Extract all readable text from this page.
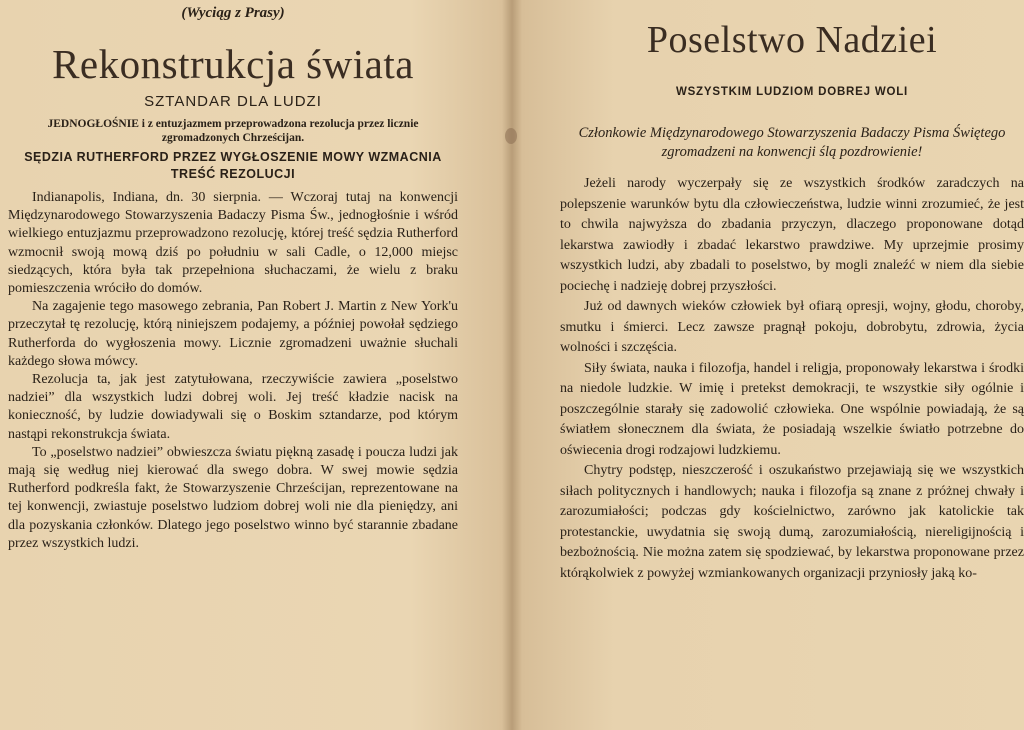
(Wyciąg z Prasy)
Rekonstrukcja świata
SZTANDAR DLA LUDZI
JEDNOGŁOŚNIE i z entuzjazmem przeprowadzona rezolucja przez licznie zgromadzonych Chrześcijan.
SĘDZIA RUTHERFORD PRZEZ WYGŁOSZENIE MOWY WZMACNIA TREŚĆ REZOLUCJI

Indianapolis, Indiana, dn. 30 sierpnia. — Wczoraj tutaj na konwencji Międzynarodowego Stowarzyszenia Badaczy Pisma Św., jednogłośnie i wśród wielkiego entuzjazmu przeprowadzono rezolucję, której treść sędzia Rutherford wzmocnił swoją mową dziś po południu w sali Cadle, o 12,000 miejsc siedzących, która była tak przepełniona słuchaczami, że wielu z braku pomieszczenia wróciło do domów.

Na zagajenie tego masowego zebrania, Pan Robert J. Martin z New York'u przeczytał tę rezolucję, którą niniejszem podajemy, a później powołał sędziego Rutherforda do wygłoszenia mowy. Licznie zgromadzeni uważnie słuchali każdego słowa mówcy.

Rezolucja ta, jak jest zatytułowana, rzeczywiście zawiera „poselstwo nadziei” dla wszystkich ludzi dobrej woli. Jej treść kładzie nacisk na konieczność, by ludzie dowiadywali się o Boskim sztandarze, pod którym nastąpi rekonstrukcja świata.

To „poselstwo nadziei” obwieszcza światu piękną zasadę i poucza ludzi jak mają się według niej kierować dla swego dobra. W swej mowie sędzia Rutherford podkreśla fakt, że Stowarzyszenie Chrześcijan, reprezentowane na tej konwencji, zwiastuje poselstwo ludziom dobrej woli nie dla pieniędzy, ani dla pozyskania członków. Dlatego jego poselstwo winno być starannie zbadane przez wszystkich ludzi.

Poselstwo Nadziei
WSZYSTKIM LUDZIOM DOBREJ WOLI
Członkowie Międzynarodowego Stowarzyszenia Badaczy Pisma Świętego zgromadzeni na konwencji ślą pozdrowienie!

Jeżeli narody wyczerpały się ze wszystkich środków zaradczych na polepszenie warunków bytu dla człowieczeństwa, ludzie winni zrozumieć, że jest to chwila najwyższa do zbadania przyczyn, dlaczego proponowane dotąd lekarstwa zawiodły i zbadać lekarstwo prawdziwe. My uprzejmie prosimy wszystkich ludzi, aby zbadali to poselstwo, by mogli znaleźć w niem dla siebie pociechę i nadzieję dobrej przyszłości.

Już od dawnych wieków człowiek był ofiarą opresji, wojny, głodu, choroby, smutku i śmierci. Lecz zawsze pragnął pokoju, dobrobytu, zdrowia, życia wolności i szczęścia.

Siły świata, nauka i filozofja, handel i religja, proponowały lekarstwa i środki na niedole ludzkie. W imię i pretekst demokracji, te wszystkie siły ogólnie i poszczególnie starały się zadowolić człowieka. One wspólnie powiadają, że są światłem słonecznem dla świata, że posiadają wszelkie światło potrzebne do oświecenia drogi rodzajowi ludzkiemu.

Chytry podstęp, nieszczerość i oszukaństwo przejawiają się we wszystkich siłach politycznych i handlowych; nauka i filozofja są znane z próżnej chwały i zarozumiałości; podczas gdy kościelnictwo, zarówno jak katolickie tak protestanckie, uwydatnia się swoją dumą, zarozumiałością, niereligijnością i bezbożnością. Nie można zatem się spodziewać, by lekarstwa proponowane przez którąkolwiek z powyżej wzmiankowanych organizacji przyniosły jaką ko-
